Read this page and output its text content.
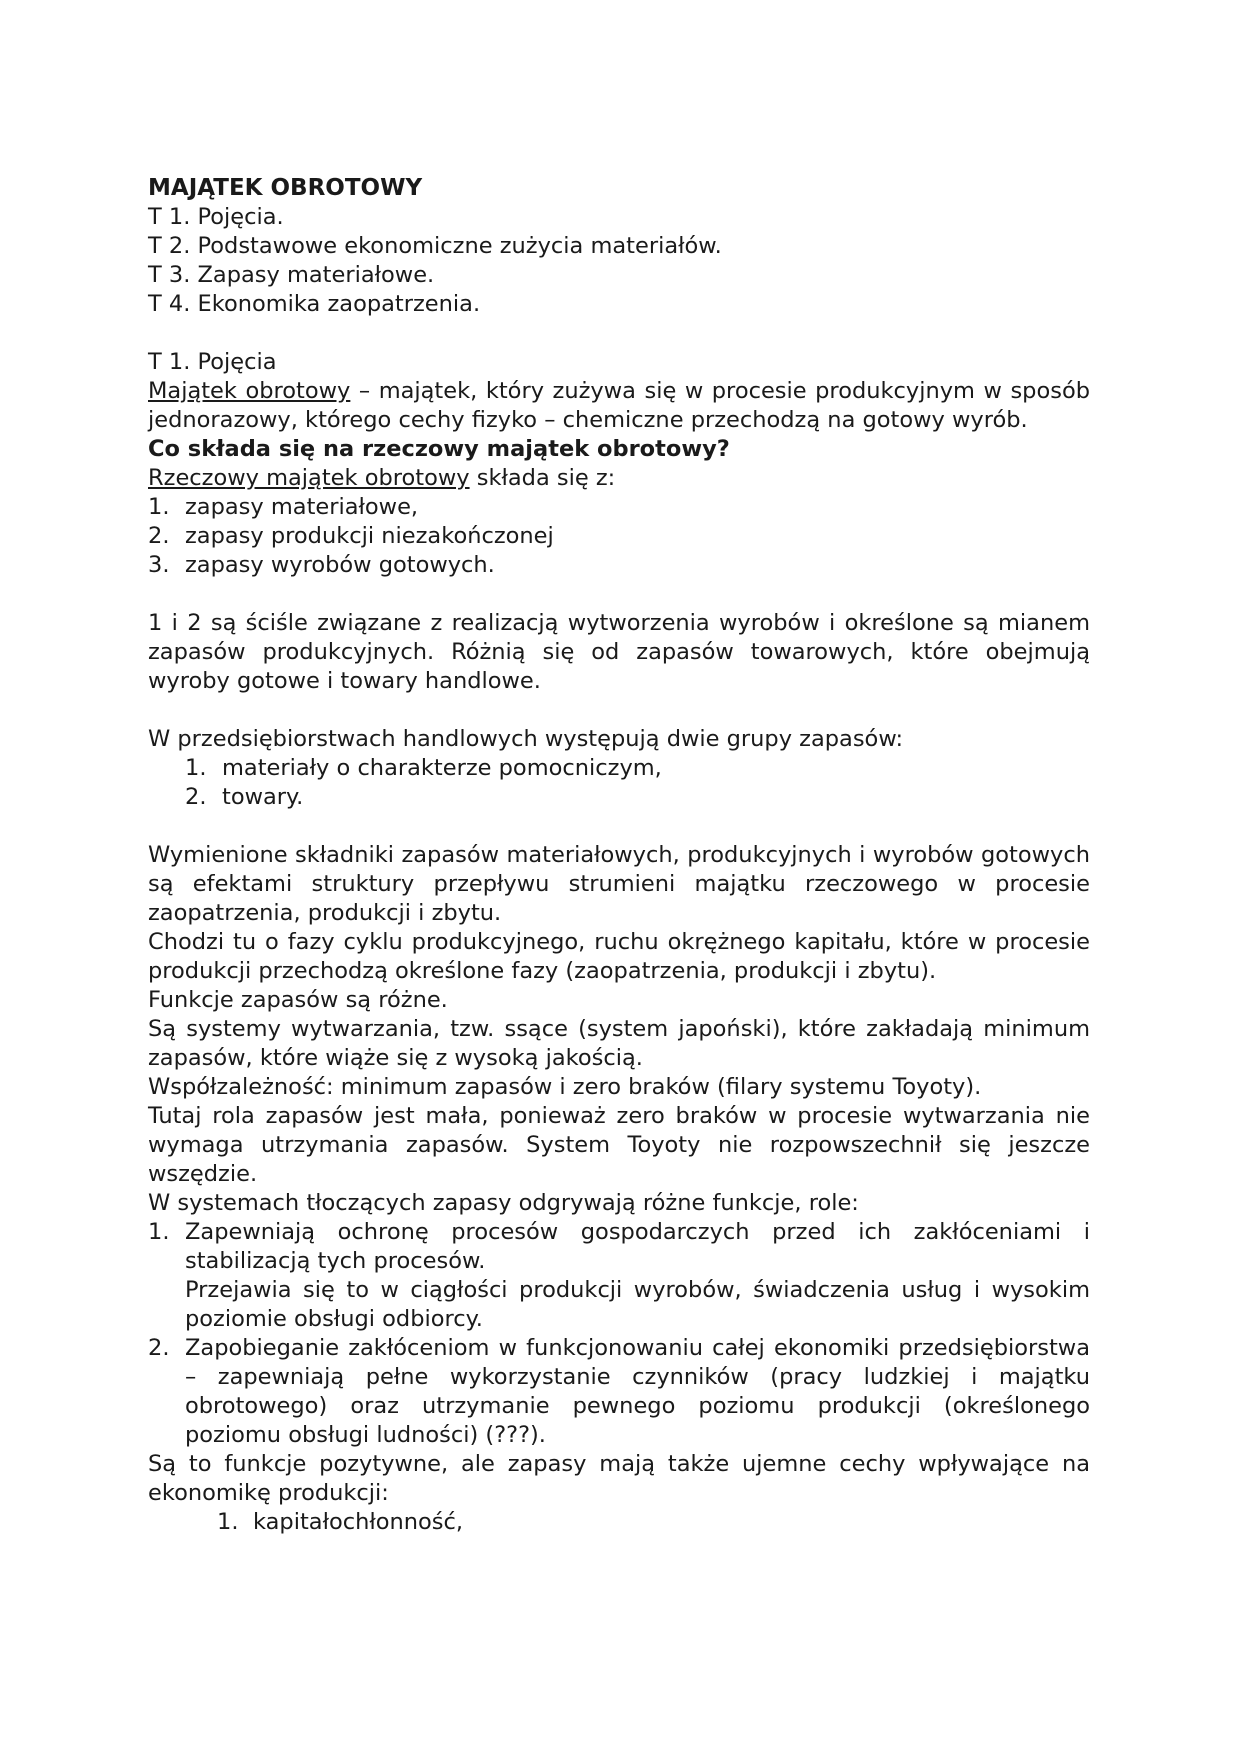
MAJĄTEK OBROTOWY
T 1. Pojęcia.
T 2. Podstawowe ekonomiczne zużycia materiałów.
T 3. Zapasy materiałowe.
T 4. Ekonomika zaopatrzenia.
T 1. Pojęcia
Majątek obrotowy – majątek, który zużywa się w procesie produkcyjnym w sposób jednorazowy, którego cechy fizyko – chemiczne przechodzą na gotowy wyrób.
Co składa się na rzeczowy majątek obrotowy?
Rzeczowy majątek obrotowy składa się z:
1. zapasy materiałowe,
2. zapasy produkcji niezakończonej
3. zapasy wyrobów gotowych.
1 i 2 są ściśle związane z realizacją wytworzenia wyrobów i określone są mianem zapasów produkcyjnych. Różnią się od zapasów towarowych, które obejmują wyroby gotowe i towary handlowe.
W przedsiębiorstwach handlowych występują dwie grupy zapasów:
1. materiały o charakterze pomocniczym,
2. towary.
Wymienione składniki zapasów materiałowych, produkcyjnych i wyrobów gotowych są efektami struktury przepływu strumieni majątku rzeczowego w procesie zaopatrzenia, produkcji i zbytu.
Chodzi tu o fazy cyklu produkcyjnego, ruchu okrężnego kapitału, które w procesie produkcji przechodzą określone fazy (zaopatrzenia, produkcji i zbytu).
Funkcje zapasów są różne.
Są systemy wytwarzania, tzw. ssące (system japoński), które zakładają minimum zapasów, które wiąże się z wysoką jakością.
Współzależność: minimum zapasów i zero braków (filary systemu Toyoty).
Tutaj rola zapasów jest mała, ponieważ zero braków w procesie wytwarzania nie wymaga utrzymania zapasów. System Toyoty nie rozpowszechnił się jeszcze wszędzie.
W systemach tłoczących zapasy odgrywają różne funkcje, role:
1. Zapewniają ochronę procesów gospodarczych przed ich zakłóceniami i stabilizacją tych procesów.
Przejawia się to w ciągłości produkcji wyrobów, świadczenia usług i wysokim poziomie obsługi odbiorcy.
2. Zapobieganie zakłóceniom w funkcjonowaniu całej ekonomiki przedsiębiorstwa – zapewniają pełne wykorzystanie czynników (pracy ludzkiej i majątku obrotowego) oraz utrzymanie pewnego poziomu produkcji (określonego poziomu obsługi ludności) (???).
Są to funkcje pozytywne, ale zapasy mają także ujemne cechy wpływające na ekonomikę produkcji:
1. kapitałochłonność,
